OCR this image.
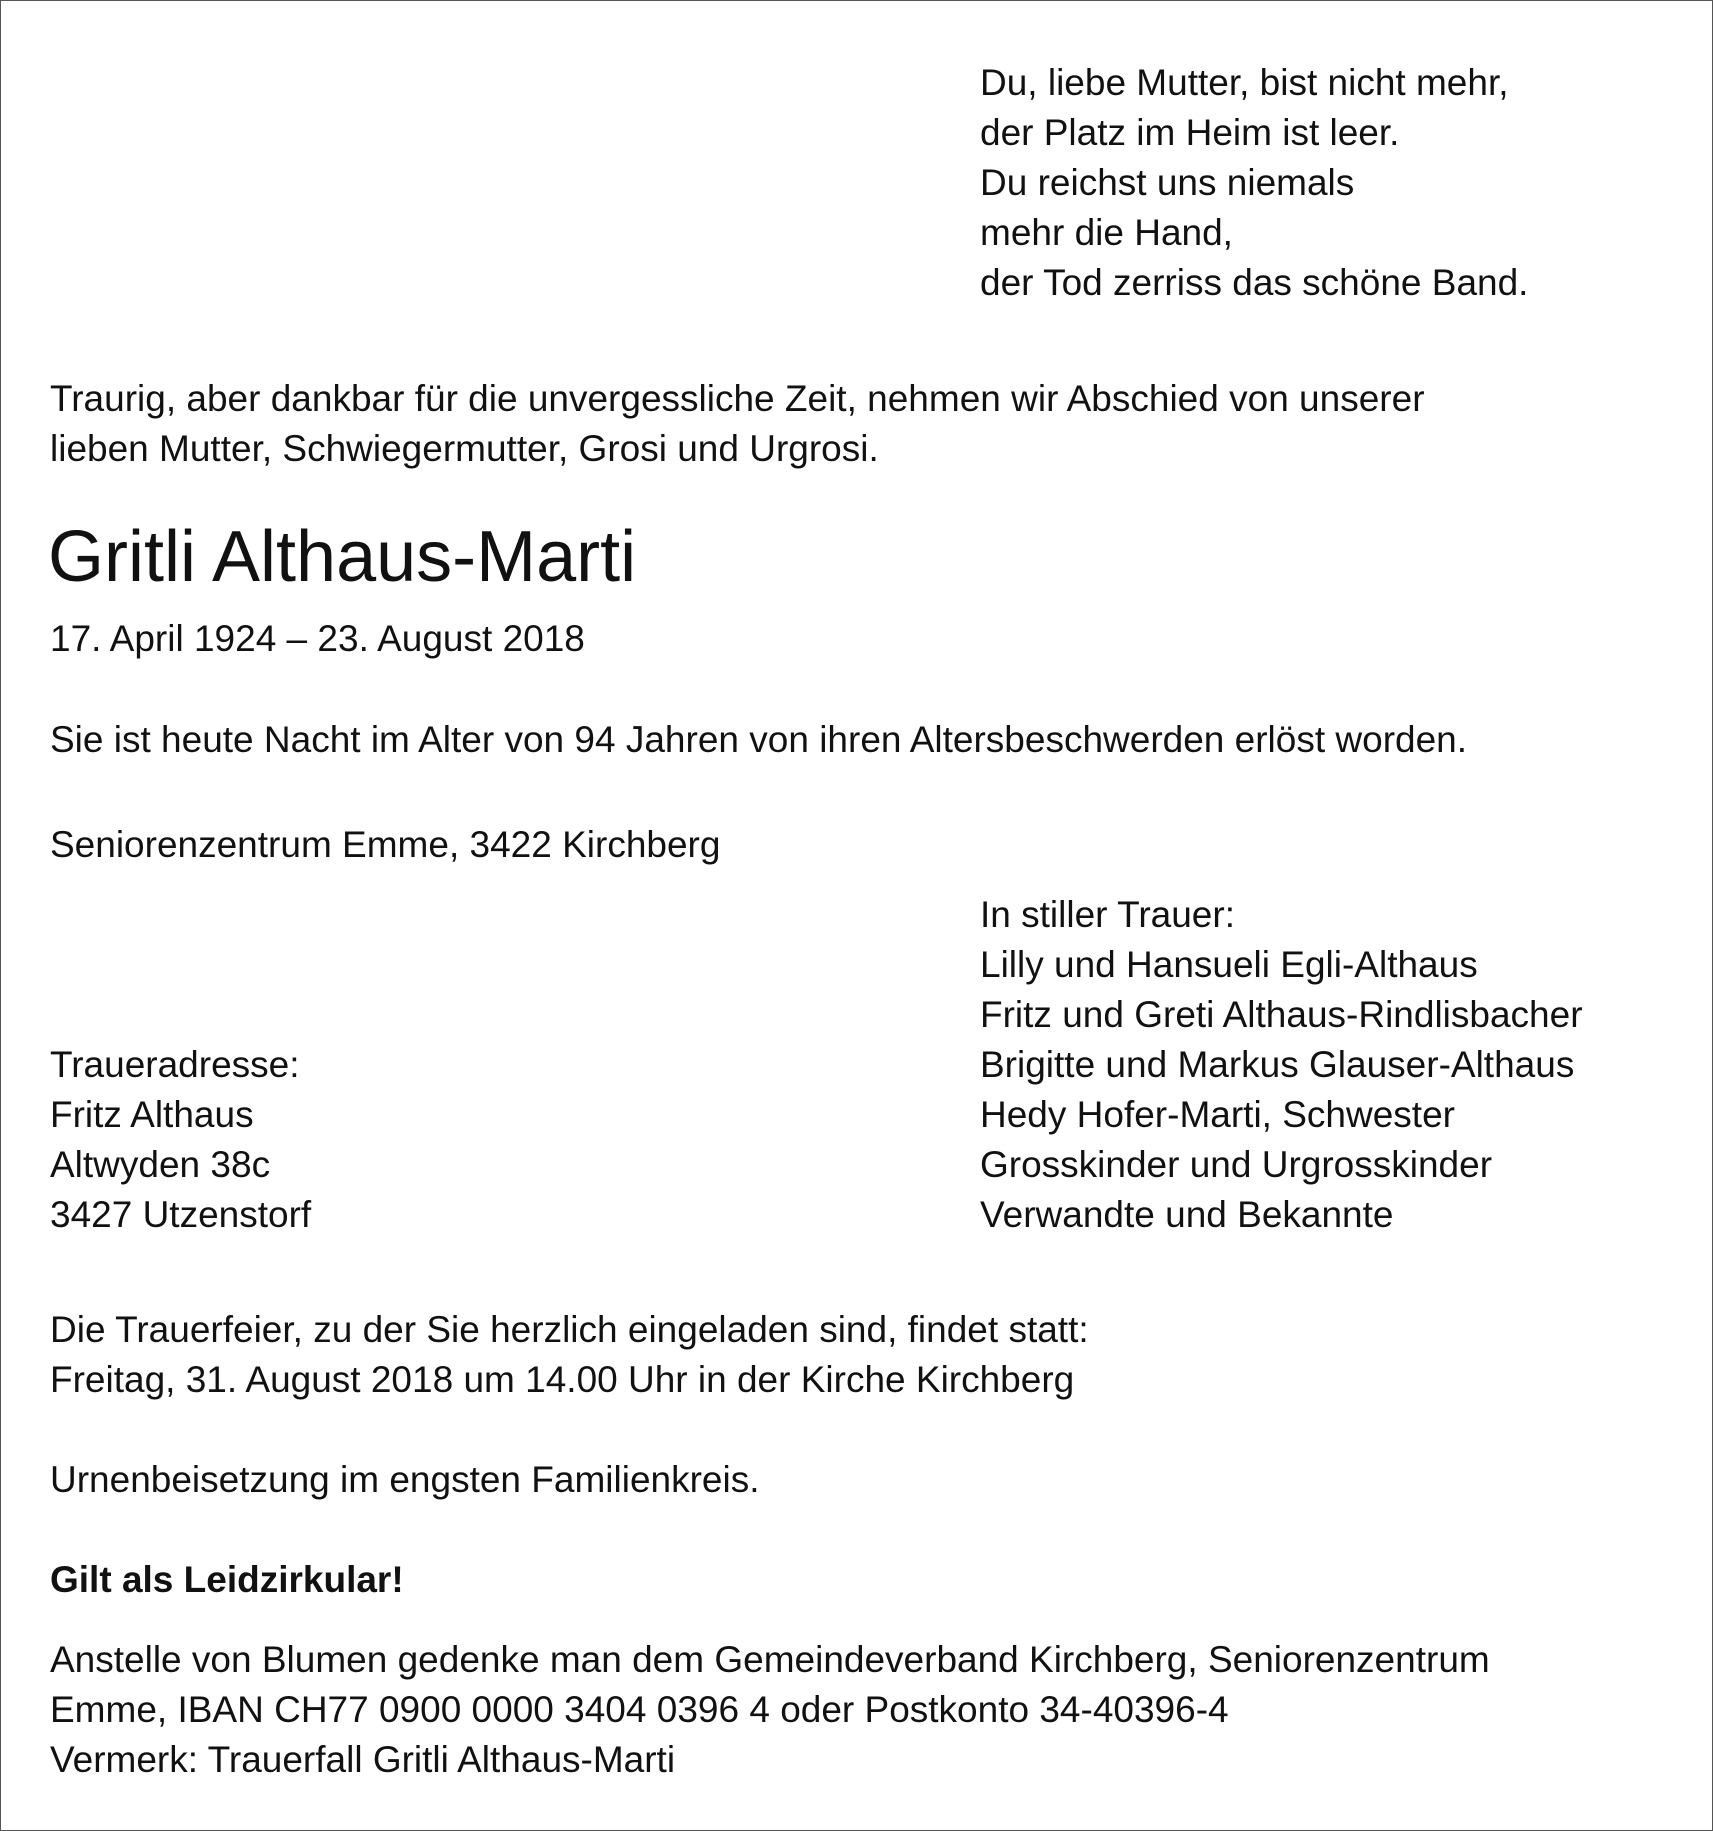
Du, liebe Mutter, bist nicht mehr,
der Platz im Heim ist leer.
Du reichst uns niemals
mehr die Hand,
der Tod zerriss das schöne Band.
Traurig, aber dankbar für die unvergessliche Zeit, nehmen wir Abschied von unserer
lieben Mutter, Schwiegermutter, Grosi und Urgrosi.
Gritli Althaus-Marti
17. April 1924 – 23. August 2018
Sie ist heute Nacht im Alter von 94 Jahren von ihren Altersbeschwerden erlöst worden.
Seniorenzentrum Emme, 3422 Kirchberg
In stiller Trauer:
Lilly und Hansueli Egli-Althaus
Fritz und Greti Althaus-Rindlisbacher
Brigitte und Markus Glauser-Althaus
Hedy Hofer-Marti, Schwester
Grosskinder und Urgrosskinder
Verwandte und Bekannte
Traueradresse:
Fritz Althaus
Altwyden 38c
3427 Utzenstorf
Die Trauerfeier, zu der Sie herzlich eingeladen sind, findet statt:
Freitag, 31. August 2018 um 14.00 Uhr in der Kirche Kirchberg
Urnenbeisetzung im engsten Familienkreis.
Gilt als Leidzirkular!
Anstelle von Blumen gedenke man dem Gemeindeverband Kirchberg, Seniorenzentrum
Emme, IBAN CH77 0900 0000 3404 0396 4 oder Postkonto 34-40396-4
Vermerk: Trauerfall Gritli Althaus-Marti
